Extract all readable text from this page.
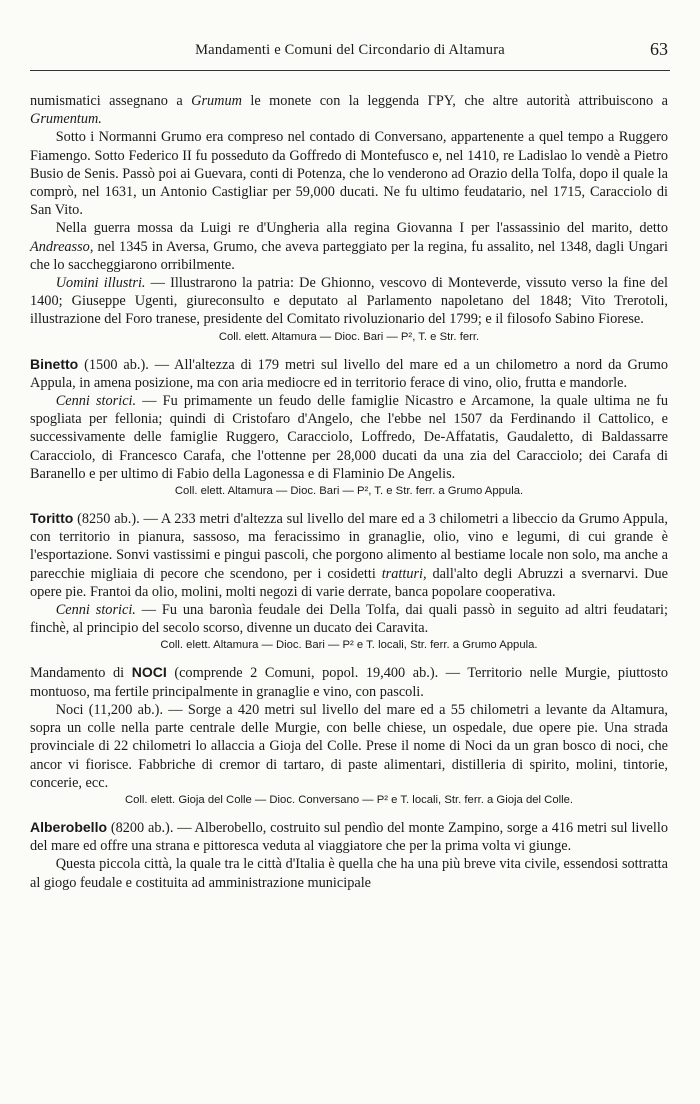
Mandamenti e Comuni del Circondario di Altamura	63

numismatici assegnano a Grumum le monete con la leggenda ΓΡΥ, che altre autorità attribuiscono a Grumentum.

Sotto i Normanni Grumo era compreso nel contado di Conversano, appartenente a quel tempo a Ruggero Fiamengo. Sotto Federico II fu posseduto da Goffredo di Montefusco e, nel 1410, re Ladislao lo vendè a Pietro Busio de Senis. Passò poi ai Guevara, conti di Potenza, che lo venderono ad Orazio della Tolfa, dopo il quale la comprò, nel 1631, un Antonio Castigliar per 59,000 ducati. Ne fu ultimo feudatario, nel 1715, Caracciolo di San Vito.

Nella guerra mossa da Luigi re d'Ungheria alla regina Giovanna I per l'assassinio del marito, detto Andreasso, nel 1345 in Aversa, Grumo, che aveva parteggiato per la regina, fu assalito, nel 1348, dagli Ungari che lo saccheggiarono orribilmente.

Uomini illustri. — Illustrarono la patria: De Ghionno, vescovo di Monteverde, vissuto verso la fine del 1400; Giuseppe Ugenti, giureconsulto e deputato al Parlamento napoletano del 1848; Vito Trerotoli, illustrazione del Foro tranese, presidente del Comitato rivoluzionario del 1799; e il filosofo Sabino Fiorese.

Coll. elett. Altamura — Dioc. Bari — P², T. e Str. ferr.

Binetto (1500 ab.). — All'altezza di 179 metri sul livello del mare ed a un chilometro a nord da Grumo Appula, in amena posizione, ma con aria mediocre ed in territorio ferace di vino, olio, frutta e mandorle.

Cenni storici. — Fu primamente un feudo delle famiglie Nicastro e Arcamone, la quale ultima ne fu spogliata per fellonia; quindi di Cristofaro d'Angelo, che l'ebbe nel 1507 da Ferdinando il Cattolico, e successivamente delle famiglie Ruggero, Caracciolo, Loffredo, De-Affatatis, Gaudaletto, di Baldassarre Caracciolo, di Francesco Carafa, che l'ottenne per 28,000 ducati da una zia del Caracciolo; dei Carafa di Baranello e per ultimo di Fabio della Lagonessa e di Flaminio De Angelis.

Coll. elett. Altamura — Dioc. Bari — P², T. e Str. ferr. a Grumo Appula.

Toritto (8250 ab.). — A 233 metri d'altezza sul livello del mare ed a 3 chilometri a libeccio da Grumo Appula, con territorio in pianura, sassoso, ma feracissimo in granaglie, olio, vino e legumi, di cui grande è l'esportazione. Sonvi vastissimi e pingui pascoli, che porgono alimento al bestiame locale non solo, ma anche a parecchie migliaia di pecore che scendono, per i cosidetti tratturi, dall'alto degli Abruzzi a svernarvi. Due opere pie. Frantoi da olio, molini, molti negozi di varie derrate, banca popolare cooperativa.

Cenni storici. — Fu una baronìa feudale dei Della Tolfa, dai quali passò in seguito ad altri feudatari; finchè, al principio del secolo scorso, divenne un ducato dei Caravita.

Coll. elett. Altamura — Dioc. Bari — P² e T. locali, Str. ferr. a Grumo Appula.

Mandamento di NOCI (comprende 2 Comuni, popol. 19,400 ab.). — Territorio nelle Murgie, piuttosto montuoso, ma fertile principalmente in granaglie e vino, con pascoli.

Noci (11,200 ab.). — Sorge a 420 metri sul livello del mare ed a 55 chilometri a levante da Altamura, sopra un colle nella parte centrale delle Murgie, con belle chiese, un ospedale, due opere pie. Una strada provinciale di 22 chilometri lo allaccia a Gioja del Colle. Prese il nome di Noci da un gran bosco di noci, che ancor vi fiorisce. Fabbriche di cremor di tartaro, di paste alimentari, distilleria di spirito, molini, tintorie, concerie, ecc.

Coll. elett. Gioja del Colle — Dioc. Conversano — P² e T. locali, Str. ferr. a Gioja del Colle.

Alberobello (8200 ab.). — Alberobello, costruito sul pendìo del monte Zampino, sorge a 416 metri sul livello del mare ed offre una strana e pittoresca veduta al viaggiatore che per la prima volta vi giunge.

Questa piccola città, la quale tra le città d'Italia è quella che ha una più breve vita civile, essendosi sottratta al giogo feudale e costituita ad amministrazione municipale
